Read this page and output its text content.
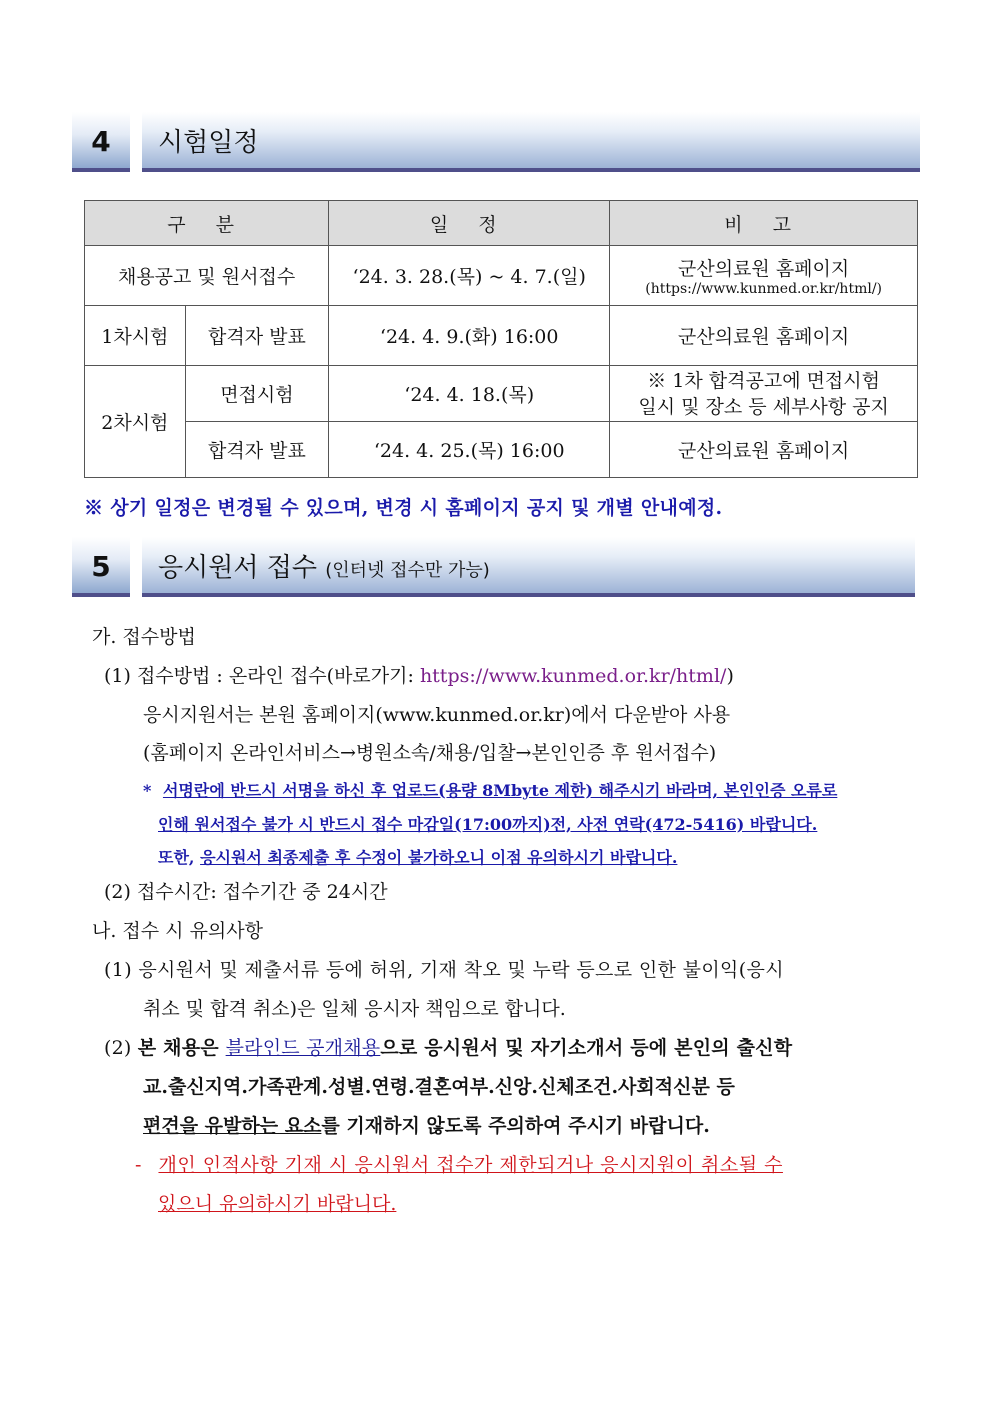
4	시험일정
구 분		일 정	비 고
채용공고 및 원서접수		‘24. 3. 28.(목) ~ 4. 7.(일)	군산의료원 홈페이지
(https://www.kunmed.or.kr/html/)

1차시험	합격자 발표	‘24. 4. 9.(화) 16:00	군산의료원 홈페이지
2차시험	면접시험	‘24. 4. 18.(목)	※ 1차 합격공고에 면접시험
일시 및 장소 등 세부사항 공지

	합격자 발표	‘24. 4. 25.(목) 16:00	군산의료원 홈페이지
※ 상기 일정은 변경될 수 있으며, 변경 시 홈페이지 공지 및 개별 안내예정.
5	응시원서 접수 (인터넷 접수만 가능)
가. 접수방법
(1) 접수방법 : 온라인 접수(바로가기: https://www.kunmed.or.kr/html/)
응시지원서는 본원 홈페이지(www.kunmed.or.kr)에서 다운받아 사용
(홈페이지 온라인서비스→병원소속/채용/입찰→본인인증 후 원서접수)
* 서명란에 반드시 서명을 하신 후 업로드(용량 8Mbyte 제한) 해주시기 바라며, 본인인증 오류로
인해 원서접수 불가 시 반드시 접수 마감일(17:00까지)전, 사전 연락(472-5416) 바랍니다.
또한, 응시원서 최종제출 후 수정이 불가하오니 이점 유의하시기 바랍니다.
(2) 접수시간: 접수기간 중 24시간
나. 접수 시 유의사항
(1) 응시원서 및 제출서류 등에 허위, 기재 착오 및 누락 등으로 인한 불이익(응시
취소 및 합격 취소)은 일체 응시자 책임으로 합니다.
(2) 본 채용은 블라인드 공개채용으로 응시원서 및 자기소개서 등에 본인의 출신학
교.출신지역.가족관계.성별.연령.결혼여부.신앙.신체조건.사회적신분 등
편견을 유발하는 요소를 기재하지 않도록 주의하여 주시기 바랍니다.
- 개인 인적사항 기재 시 응시원서 접수가 제한되거나 응시지원이 취소될 수
있으니 유의하시기 바랍니다.
